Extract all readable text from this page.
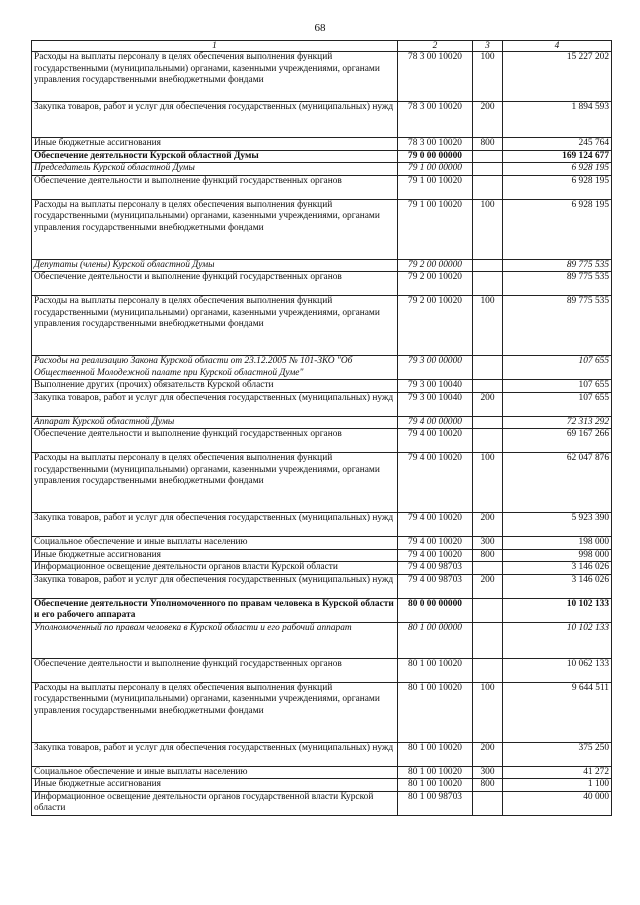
68
1	2	3	4
Расходы на выплаты персоналу в целях обеспечения выполнения функций государственными (муниципальными) органами, казенными учреждениями, органами управления государственными внебюджетными фондами	78 3 00 10020	100	15 227 202
Закупка товаров, работ и услуг для обеспечения государственных (муниципальных) нужд	78 3 00 10020	200	1 894 593
Иные бюджетные ассигнования	78 3 00 10020	800	245 764
Обеспечение деятельности Курской областной Думы	79 0 00 00000		169 124 677
Председатель Курской областной Думы	79 1 00 00000		6 928 195
Обеспечение деятельности и выполнение функций государственных органов	79 1 00 10020		6 928 195
Расходы на выплаты персоналу в целях обеспечения выполнения функций государственными (муниципальными) органами, казенными учреждениями, органами управления государственными внебюджетными фондами	79 1 00 10020	100	6 928 195
Депутаты (члены) Курской областной Думы	79 2 00 00000		89 775 535
Обеспечение деятельности и выполнение функций государственных органов	79 2 00 10020		89 775 535
Расходы на выплаты персоналу в целях обеспечения выполнения функций государственными (муниципальными) органами, казенными учреждениями, органами управления государственными внебюджетными фондами	79 2 00 10020	100	89 775 535
Расходы на реализацию Закона Курской области от 23.12.2005 № 101-ЗКО "Об Общественной Молодежной палате при Курской областной Думе"	79 3 00 00000		107 655
Выполнение других (прочих) обязательств Курской области	79 3 00 10040		107 655
Закупка товаров, работ и услуг для обеспечения государственных (муниципальных) нужд	79 3 00 10040	200	107 655
Аппарат Курской областной Думы	79 4 00 00000		72 313 292
Обеспечение деятельности и выполнение функций государственных органов	79 4 00 10020		69 167 266
Расходы на выплаты персоналу в целях обеспечения выполнения функций государственными (муниципальными) органами, казенными учреждениями, органами управления государственными внебюджетными фондами	79 4 00 10020	100	62 047 876
Закупка товаров, работ и услуг для обеспечения государственных (муниципальных) нужд	79 4 00 10020	200	5 923 390
Социальное обеспечение и иные выплаты населению	79 4 00 10020	300	198 000
Иные бюджетные ассигнования	79 4 00 10020	800	998 000
Информационное освещение деятельности органов власти Курской области	79 4 00 98703		3 146 026
Закупка товаров, работ и услуг для обеспечения государственных (муниципальных) нужд	79 4 00 98703	200	3 146 026
Обеспечение деятельности Уполномоченного по правам человека в Курской области и его рабочего аппарата	80 0 00 00000		10 102 133
Уполномоченный по правам человека в Курской области и его рабочий аппарат	80 1 00 00000		10 102 133
Обеспечение деятельности и выполнение функций государственных органов	80 1 00 10020		10 062 133
Расходы на выплаты персоналу в целях обеспечения выполнения функций государственными (муниципальными) органами, казенными учреждениями, органами управления государственными внебюджетными фондами	80 1 00 10020	100	9 644 511
Закупка товаров, работ и услуг для обеспечения государственных (муниципальных) нужд	80 1 00 10020	200	375 250
Социальное обеспечение и иные выплаты населению	80 1 00 10020	300	41 272
Иные бюджетные ассигнования	80 1 00 10020	800	1 100
Информационное освещение деятельности органов государственной власти Курской области	80 1 00 98703		40 000
